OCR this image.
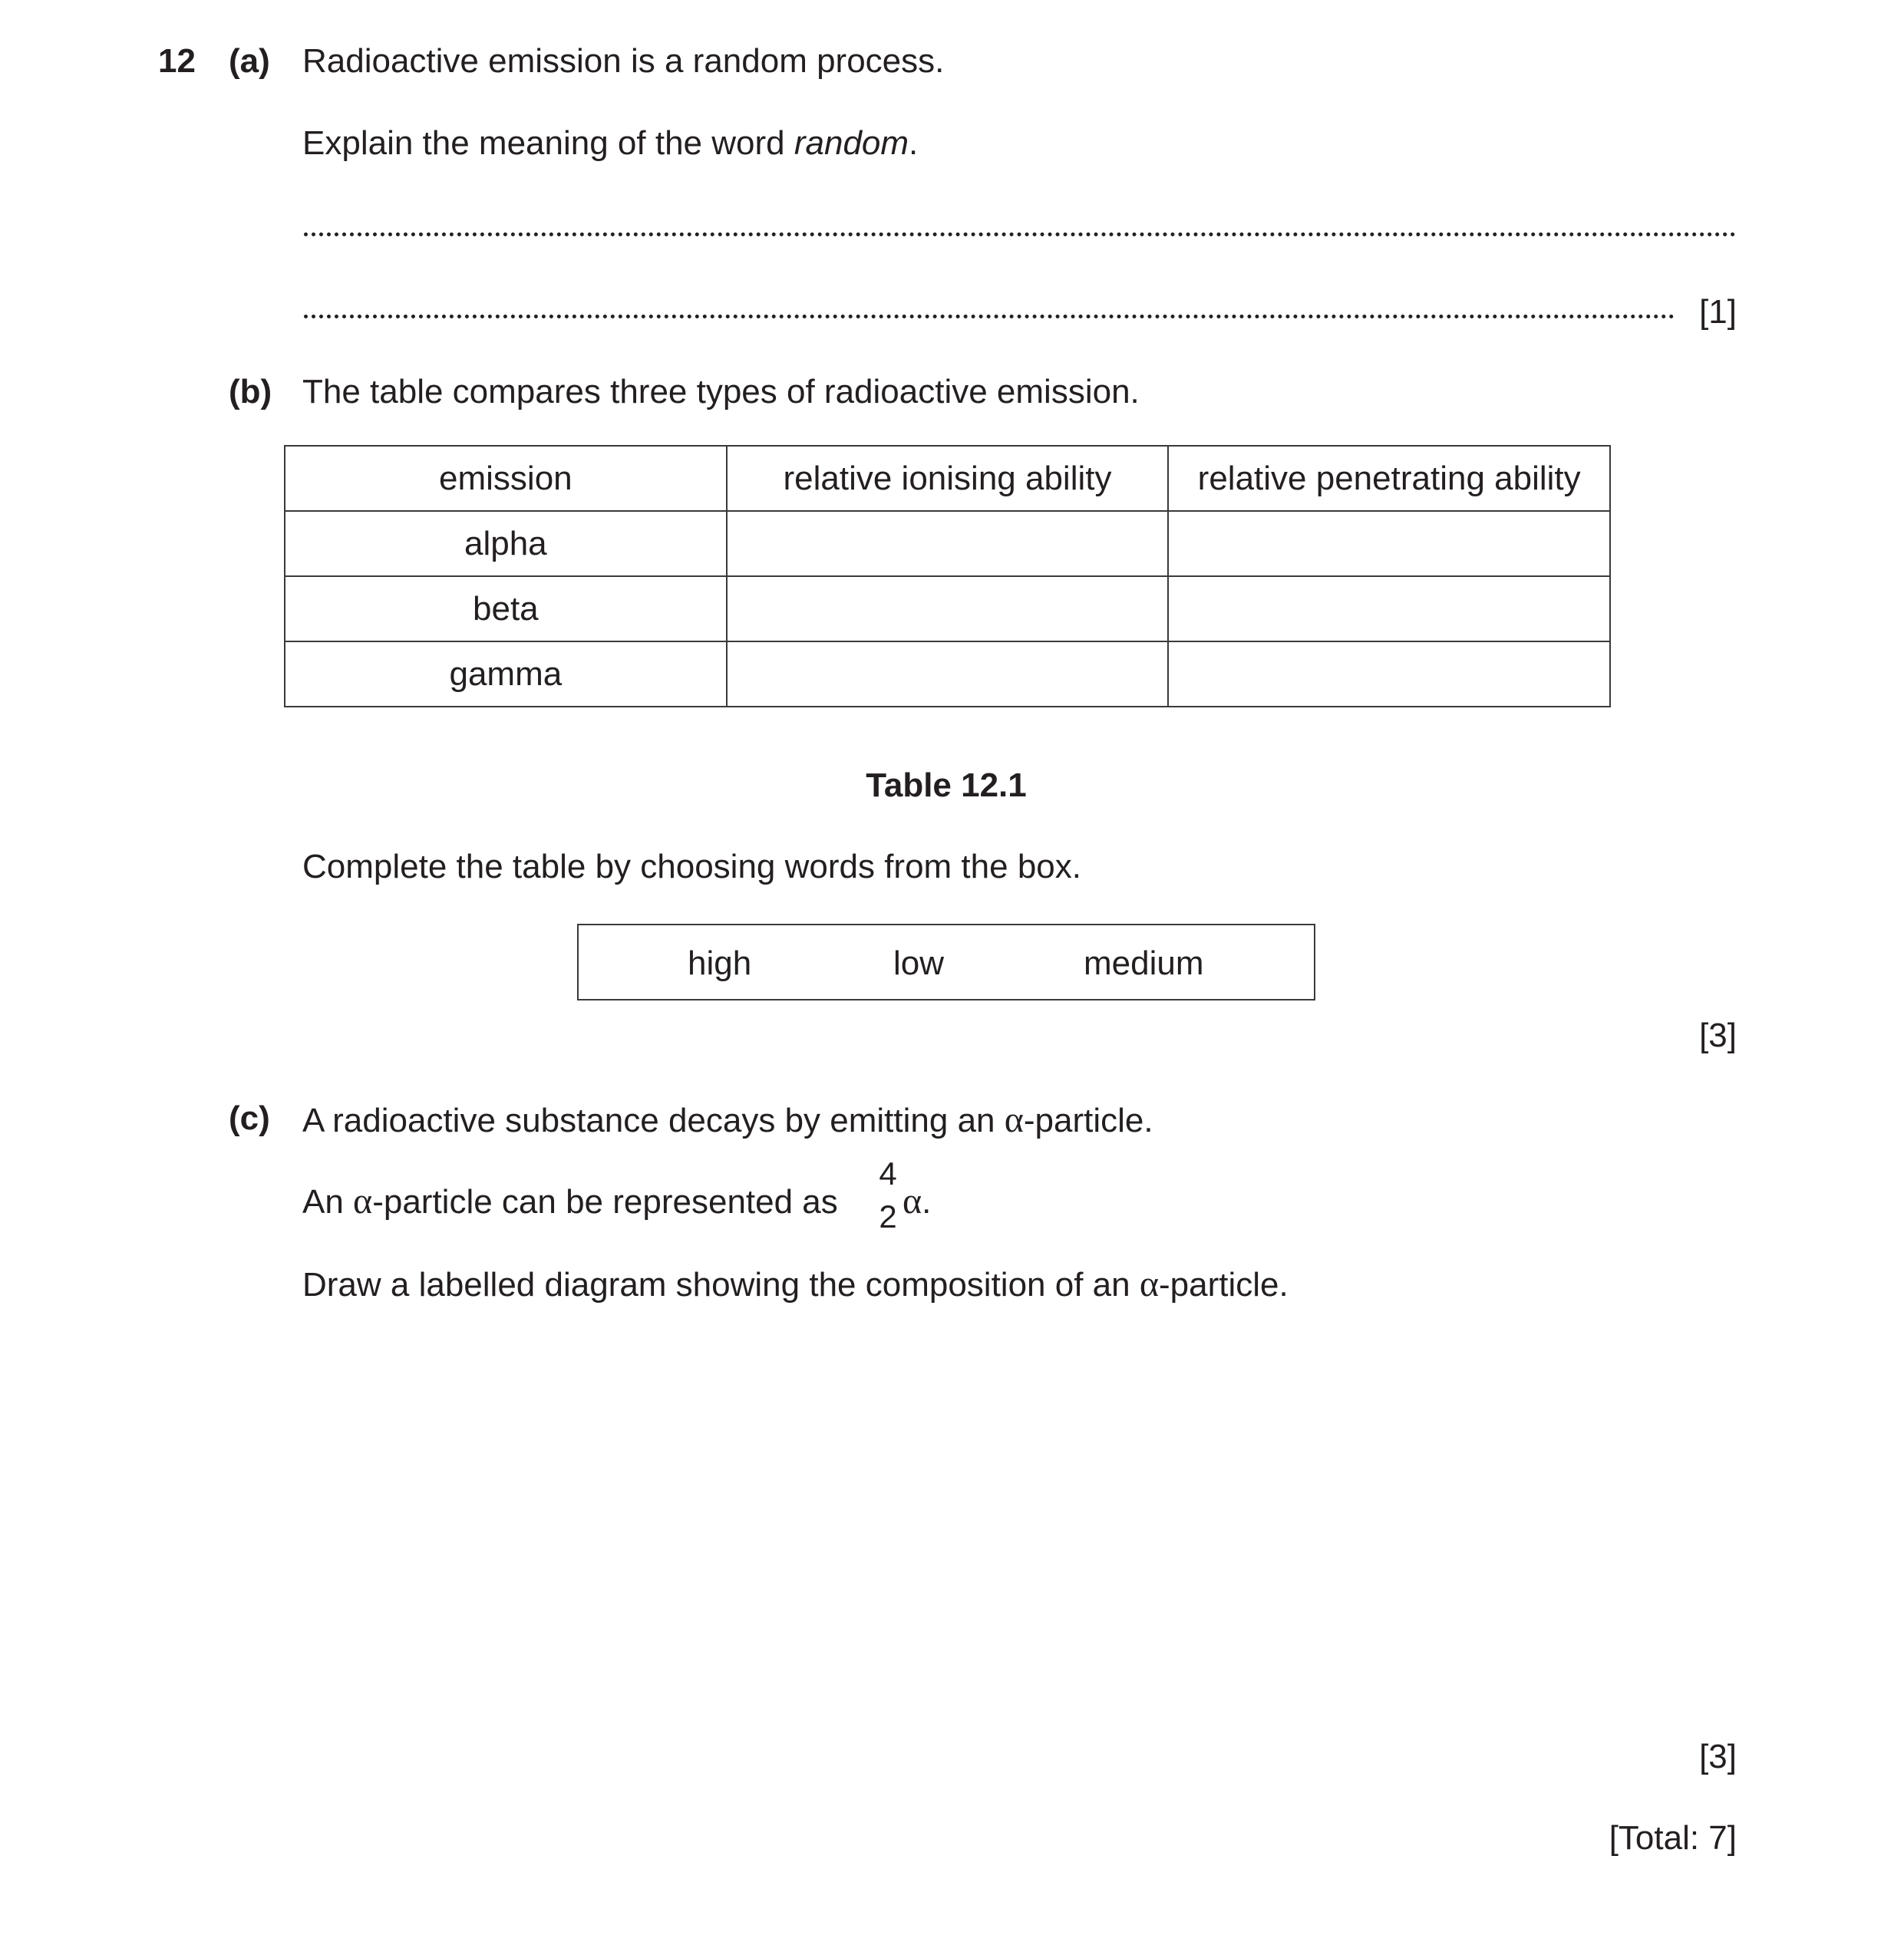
12 (a) Radioactive emission is a random process.
Explain the meaning of the word random.
[1]
(b) The table compares three types of radioactive emission.
emission	relative ionising ability	relative penetrating ability
alpha		
beta		
gamma		
Table 12.1
Complete the table by choosing words from the box.
high	low	medium
[3]
(c) A radioactive substance decays by emitting an α-particle.
An α-particle can be represented as
4
2 α.
Draw a labelled diagram showing the composition of an α-particle.
[3]
[Total: 7]
